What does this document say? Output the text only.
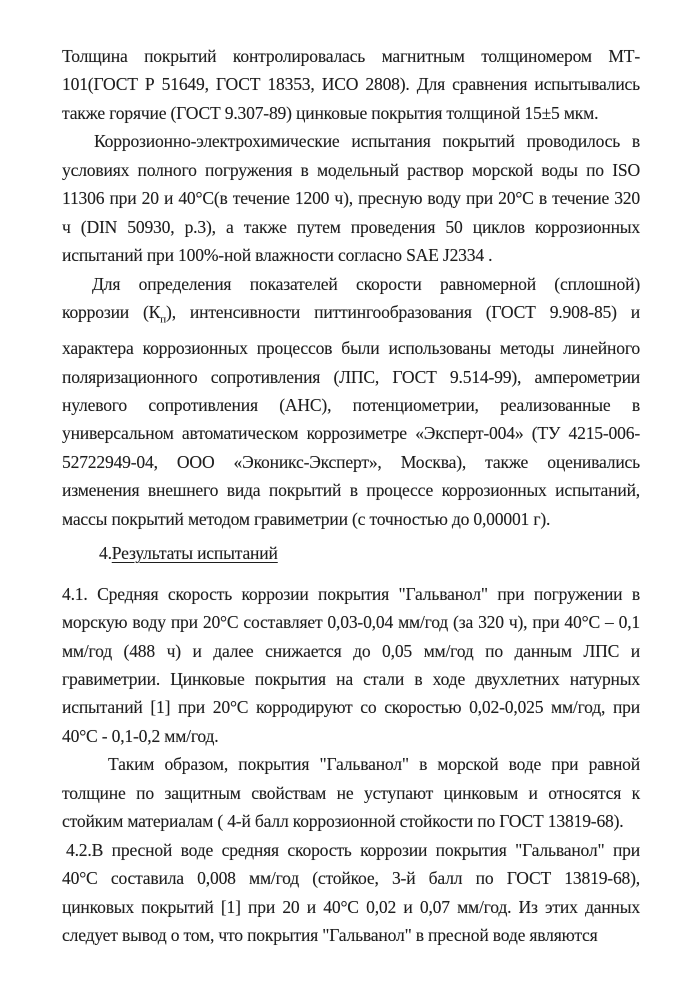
Толщина покрытий контролировалась магнитным толщиномером МТ-
101(ГОСТ Р 51649, ГОСТ 18353, ИСО 2808). Для сравнения испытывались
также горячие (ГОСТ 9.307-89) цинковые покрытия толщиной 15±5 мкм.

Коррозионно-электрохимические испытания покрытий проводилось в
условиях полного погружения в модельный раствор морской воды по ISO
11306 при 20 и 40°С(в течение 1200 ч), пресную воду при 20°С в течение 320
ч (DIN 50930, р.3), а также путем проведения 50 циклов коррозионных
испытаний при 100%-ной влажности согласно SAE J2334 .

Для определения показателей скорости равномерной (сплошной)
коррозии $(К_п)$, интенсивности питтингообразования (ГОСТ 9.908-85) и
характера коррозионных процессов были использованы методы линейного
поляризационного сопротивления (ЛПС, ГОСТ 9.514-99), амперометрии
нулевого сопротивления (АНС), потенциометрии, реализованные в
универсальном автоматическом коррозиметре «Эксперт-004» (ТУ 4215-006-
52722949-04, ООО «Эконикс-Эксперт», Москва), также оценивались
изменения внешнего вида покрытий в процессе коррозионных испытаний,
массы покрытий методом гравиметрии (с точностью до 0,00001 г).

4.Результаты испытаний

4.1. Средняя скорость коррозии покрытия "Гальванол" при погружении в
морскую воду при 20°С составляет 0,03-0,04 мм/год (за 320 ч), при 40°С – 0,1
мм/год (488 ч) и далее снижается до 0,05 мм/год по данным ЛПС и
гравиметрии. Цинковые покрытия на стали в ходе двухлетних натурных
испытаний [1] при 20°С корродируют со скоростью 0,02-0,025 мм/год, при
40°С - 0,1-0,2 мм/год.

Таким образом, покрытия "Гальванол" в морской воде при равной
толщине по защитным свойствам не уступают цинковым и относятся к
стойким материалам ( 4-й балл коррозионной стойкости по ГОСТ 13819-68).

4.2.В пресной воде средняя скорость коррозии покрытия "Гальванол" при
40°С составила 0,008 мм/год (стойкое, 3-й балл по ГОСТ 13819-68),
цинковых покрытий [1] при 20 и 40°С 0,02 и 0,07 мм/год. Из этих данных
следует вывод о том, что покрытия "Гальванол" в пресной воде являются
